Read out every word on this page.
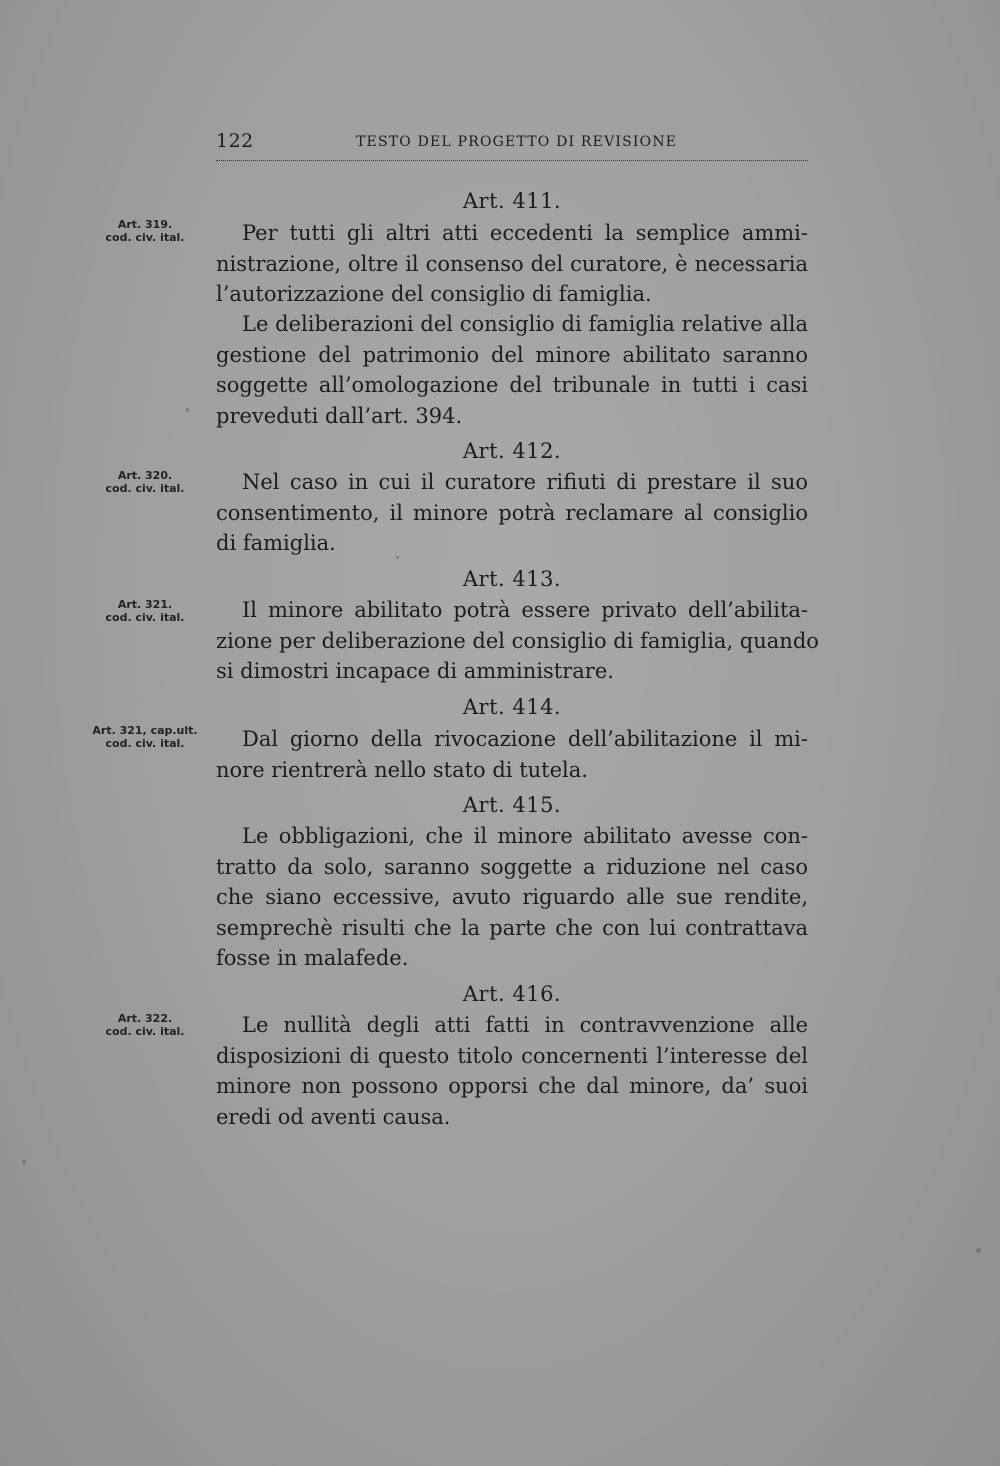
122	TESTO DEL PROGETTO DI REVISIONE
Art. 411.
Art. 319.
cod. civ. ital.	Per tutti gli altri atti eccedenti la semplice ammi-
nistrazione, oltre il consenso del curatore, è necessaria
l’autorizzazione del consiglio di famiglia.
Le deliberazioni del consiglio di famiglia relative alla
gestione del patrimonio del minore abilitato saranno
soggette all’omologazione del tribunale in tutti i casi
preveduti dall’art. 394.
Art. 412.
Art. 320.
cod. civ. ital.	Nel caso in cui il curatore rifiuti di prestare il suo
consentimento, il minore potrà reclamare al consiglio
di famiglia.
Art. 413.
Art. 321.
cod. civ. ital.	Il minore abilitato potrà essere privato dell’abilita-
zione per deliberazione del consiglio di famiglia, quando
si dimostri incapace di amministrare.
Art. 414.
Art. 321, cap.ult.
cod. civ. ital.	Dal giorno della rivocazione dell’abilitazione il mi-
nore rientrerà nello stato di tutela.
Art. 415.
Le obbligazioni, che il minore abilitato avesse con-
tratto da solo, saranno soggette a riduzione nel caso
che siano eccessive, avuto riguardo alle sue rendite,
semprechè risulti che la parte che con lui contrattava
fosse in malafede.
Art. 416.
Art. 322.
cod. civ. ital.	Le nullità degli atti fatti in contravvenzione alle
disposizioni di questo titolo concernenti l’interesse del
minore non possono opporsi che dal minore, da’ suoi
eredi od aventi causa.
